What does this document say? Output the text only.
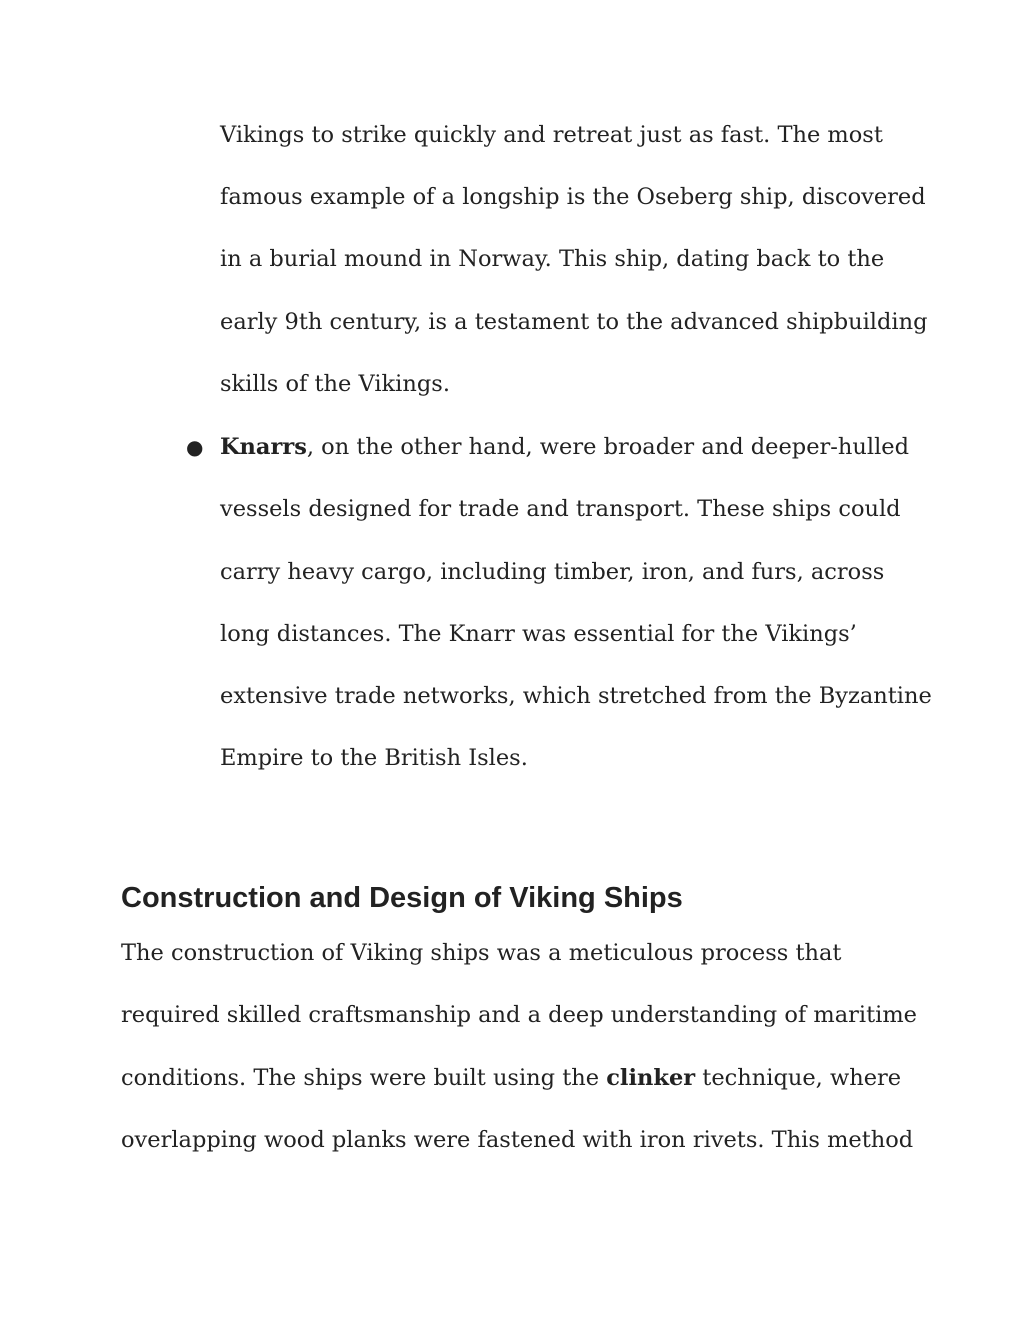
Vikings to strike quickly and retreat just as fast. The most
famous example of a longship is the Oseberg ship, discovered
in a burial mound in Norway. This ship, dating back to the
early 9th century, is a testament to the advanced shipbuilding
skills of the Vikings.
● Knarrs, on the other hand, were broader and deeper-hulled
vessels designed for trade and transport. These ships could
carry heavy cargo, including timber, iron, and furs, across
long distances. The Knarr was essential for the Vikings’
extensive trade networks, which stretched from the Byzantine
Empire to the British Isles.
Construction and Design of Viking Ships
The construction of Viking ships was a meticulous process that
required skilled craftsmanship and a deep understanding of maritime
conditions. The ships were built using the clinker technique, where
overlapping wood planks were fastened with iron rivets. This method
